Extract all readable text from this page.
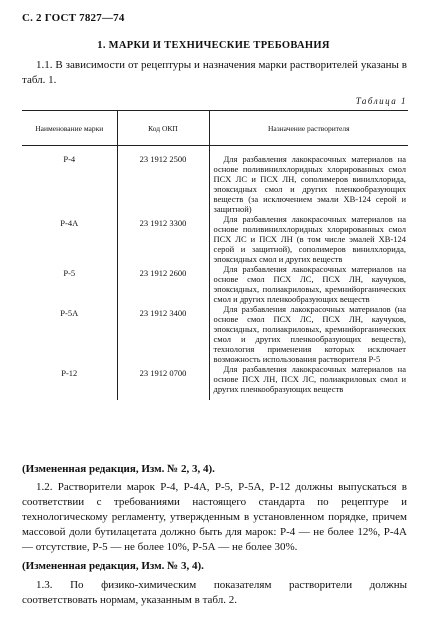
С. 2 ГОСТ 7827—74
1. МАРКИ И ТЕХНИЧЕСКИЕ ТРЕБОВАНИЯ
1.1. В зависимости от рецептуры и назначения марки растворителей указаны в табл. 1.
Таблица 1
Наименование марки	Код ОКП	Назначение растворителя
Р-4	23 1912 2500	Для разбавления лакокрасочных материалов на основе поливинилхлоридных хлорированных смол ПСХ ЛС и ПСХ ЛН, сополимеров винилхлорида, эпоксидных смол и других пленкообразующих веществ (за исключением эмали ХВ-124 серой и защитной)
Р-4А	23 1912 3300	Для разбавления лакокрасочных материалов на основе поливинилхлоридных хлорированных смол ПСХ ЛС и ПСХ ЛН (в том числе эмалей ХВ-124 серой и защитной), сополимеров винилхлорида, эпоксидных смол и других веществ
Р-5	23 1912 2600	Для разбавления лакокрасочных материалов на основе смол ПСХ ЛС, ПСХ ЛН, каучуков, эпоксидных, полиакриловых, кремнийорганических смол и других пленкообразующих веществ
Р-5А	23 1912 3400	Для разбавления лакокрасочных материалов (на основе смол ПСХ ЛС, ПСХ ЛН, каучуков, эпоксидных, полиакриловых, кремнийорганических смол и других пленкообразующих веществ), технология применения которых исключает возможность использования растворителя Р-5
Р-12	23 1912 0700	Для разбавления лакокрасочных материалов на основе ПСХ ЛН, ПСХ ЛС, полиакриловых смол и других пленкообразующих веществ
(Измененная редакция, Изм. № 2, 3, 4).
1.2. Растворители марок Р-4, Р-4А, Р-5, Р-5А, Р-12 должны выпускаться в соответствии с требованиями настоящего стандарта по рецептуре и технологическому регламенту, утвержденным в установленном порядке, причем массовой доли бутилацетата должно быть для марок: Р-4 — не более 12%, Р-4А — отсутствие, Р-5 — не более 10%, Р-5А — не более 30%.
(Измененная редакция, Изм. № 3, 4).
1.3. По физико-химическим показателям растворители должны соответствовать нормам, указанным в табл. 2.
